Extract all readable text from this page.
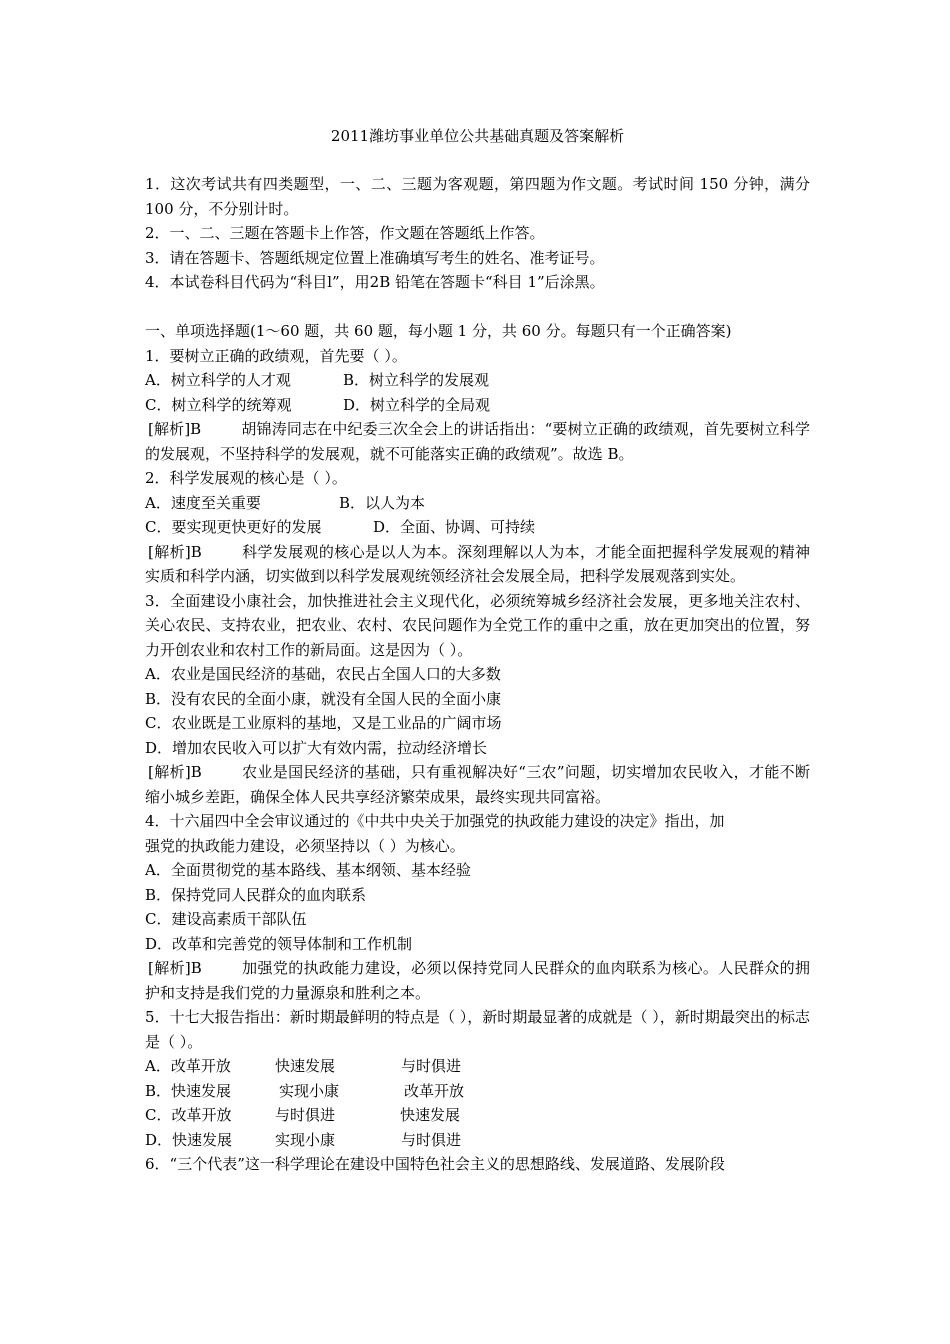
2011潍坊事业单位公共基础真题及答案解析

1．这次考试共有四类题型，一、二、三题为客观题，第四题为作文题。考试时间 150 分钟，满分 100 分，不分别计时。

2．一、二、三题在答题卡上作答，作文题在答题纸上作答。

3．请在答题卡、答题纸规定位置上准确填写考生的姓名、准考证号。

4．本试卷科目代码为“科目l”，用2B 铅笔在答题卡“科目 1”后涂黑。

一、单项选择题(1～60 题，共 60 题，每小题 1 分，共 60 分。每题只有一个正确答案)

1．要树立正确的政绩观，首先要（ ）。

A．树立科学的人才观	B．树立科学的发展观
C．树立科学的统筹观	D．树立科学的全局观

[解析]B	胡锦涛同志在中纪委三次全会上的讲话指出：“要树立正确的政绩观，首先要树立科学的发展观，不坚持科学的发展观，就不可能落实正确的政绩观”。故选 B。

2．科学发展观的核心是（ ）。

A．速度至关重要	B．以人为本
C．要实现更快更好的发展	D．全面、协调、可持续

[解析]B	科学发展观的核心是以人为本。深刻理解以人为本，才能全面把握科学发展观的精神实质和科学内涵，切实做到以科学发展观统领经济社会发展全局，把科学发展观落到实处。

3．全面建设小康社会，加快推进社会主义现代化，必须统筹城乡经济社会发展，更多地关注农村、关心农民、支持农业，把农业、农村、农民问题作为全党工作的重中之重，放在更加突出的位置，努力开创农业和农村工作的新局面。这是因为（ ）。

A．农业是国民经济的基础，农民占全国人口的大多数

B．没有农民的全面小康，就没有全国人民的全面小康

C．农业既是工业原料的基地，又是工业品的广阔市场

D．增加农民收入可以扩大有效内需，拉动经济增长

[解析]B	农业是国民经济的基础，只有重视解决好“三农”问题，切实增加农民收入，才能不断缩小城乡差距，确保全体人民共享经济繁荣成果，最终实现共同富裕。

4．十六届四中全会审议通过的《中共中央关于加强党的执政能力建设的决定》指出，加

强党的执政能力建设，必须坚持以（ ）为核心。

A．全面贯彻党的基本路线、基本纲领、基本经验

B．保持党同人民群众的血肉联系

C．建设高素质干部队伍

D．改革和完善党的领导体制和工作机制

[解析]B	加强党的执政能力建设，必须以保持党同人民群众的血肉联系为核心。人民群众的拥护和支持是我们党的力量源泉和胜利之本。

5．十七大报告指出：新时期最鲜明的特点是（ ），新时期最显著的成就是（ ），新时期最突出的标志是（ ）。

A．改革开放	快速发展	与时俱进
B．快速发展	实现小康	改革开放
C．改革开放	与时俱进	快速发展
D．快速发展	实现小康	与时俱进

6．“三个代表”这一科学理论在建设中国特色社会主义的思想路线、发展道路、发展阶段
